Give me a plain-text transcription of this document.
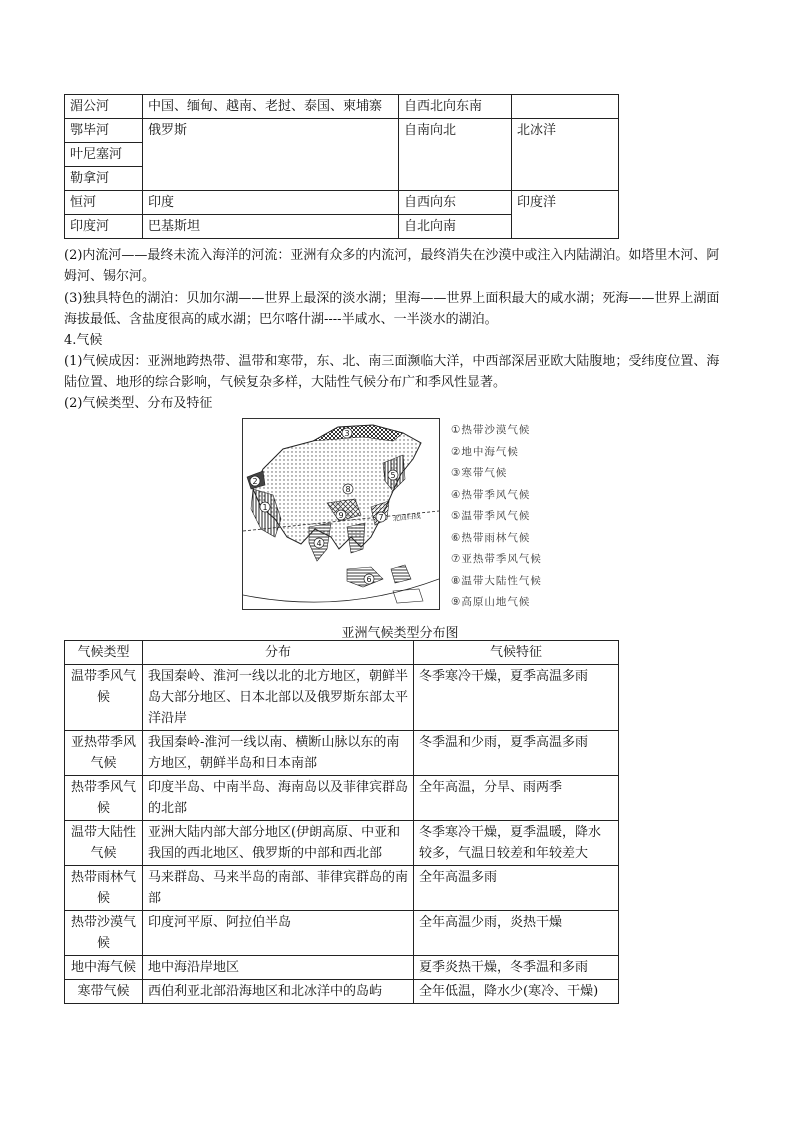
湄公河	中国、缅甸、越南、老挝、泰国、柬埔寨	自西北向东南	
鄂毕河	俄罗斯	自南向北	北冰洋
叶尼塞河			
勒拿河			
恒河	印度	自西向东	印度洋
印度河	巴基斯坦	自北向南	
(2)内流河——最终未流入海洋的河流：亚洲有众多的内流河，最终消失在沙漠中或注入内陆湖泊。如塔里木河、阿姆河、锡尔河。
(3)独具特色的湖泊：贝加尔湖——世界上最深的淡水湖；里海——世界上面积最大的咸水湖；死海——世界上湖面海拔最低、含盐度很高的咸水湖；巴尔喀什湖----半咸水、一半淡水的湖泊。
4.气候
(1)气候成因：亚洲地跨热带、温带和寒带，东、北、南三面濒临大洋，中西部深居亚欧大陆腹地；受纬度位置、海陆位置、地形的综合影响，气候复杂多样，大陆性气候分布广和季风性显著。
(2)气候类型、分布及特征
北回归线
3
1
2
8
5
9	7
4
6
①热带沙漠气候
②地中海气候
③寒带气候
④热带季风气候
⑤温带季风气候
⑥热带雨林气候
⑦亚热带季风气候
⑧温带大陆性气候
⑨高原山地气候
亚洲气候类型分布图
气候类型	分布	气候特征
温带季风气候	我国秦岭、淮河一线以北的北方地区，朝鲜半岛大部分地区、日本北部以及俄罗斯东部太平洋沿岸	冬季寒冷干燥，夏季高温多雨
亚热带季风气候	我国秦岭-淮河一线以南、横断山脉以东的南方地区，朝鲜半岛和日本南部	冬季温和少雨，夏季高温多雨
热带季风气候	印度半岛、中南半岛、海南岛以及菲律宾群岛的北部	全年高温，分旱、雨两季
温带大陆性气候	亚洲大陆内部大部分地区(伊朗高原、中亚和我国的西北地区、俄罗斯的中部和西北部	冬季寒冷干燥，夏季温暖，降水较多，气温日较差和年较差大
热带雨林气候	马来群岛、马来半岛的南部、菲律宾群岛的南部	全年高温多雨
热带沙漠气候	印度河平原、阿拉伯半岛	全年高温少雨，炎热干燥
地中海气候	地中海沿岸地区	夏季炎热干燥，冬季温和多雨
寒带气候	西伯利亚北部沿海地区和北冰洋中的岛屿	全年低温，降水少(寒冷、干燥)
